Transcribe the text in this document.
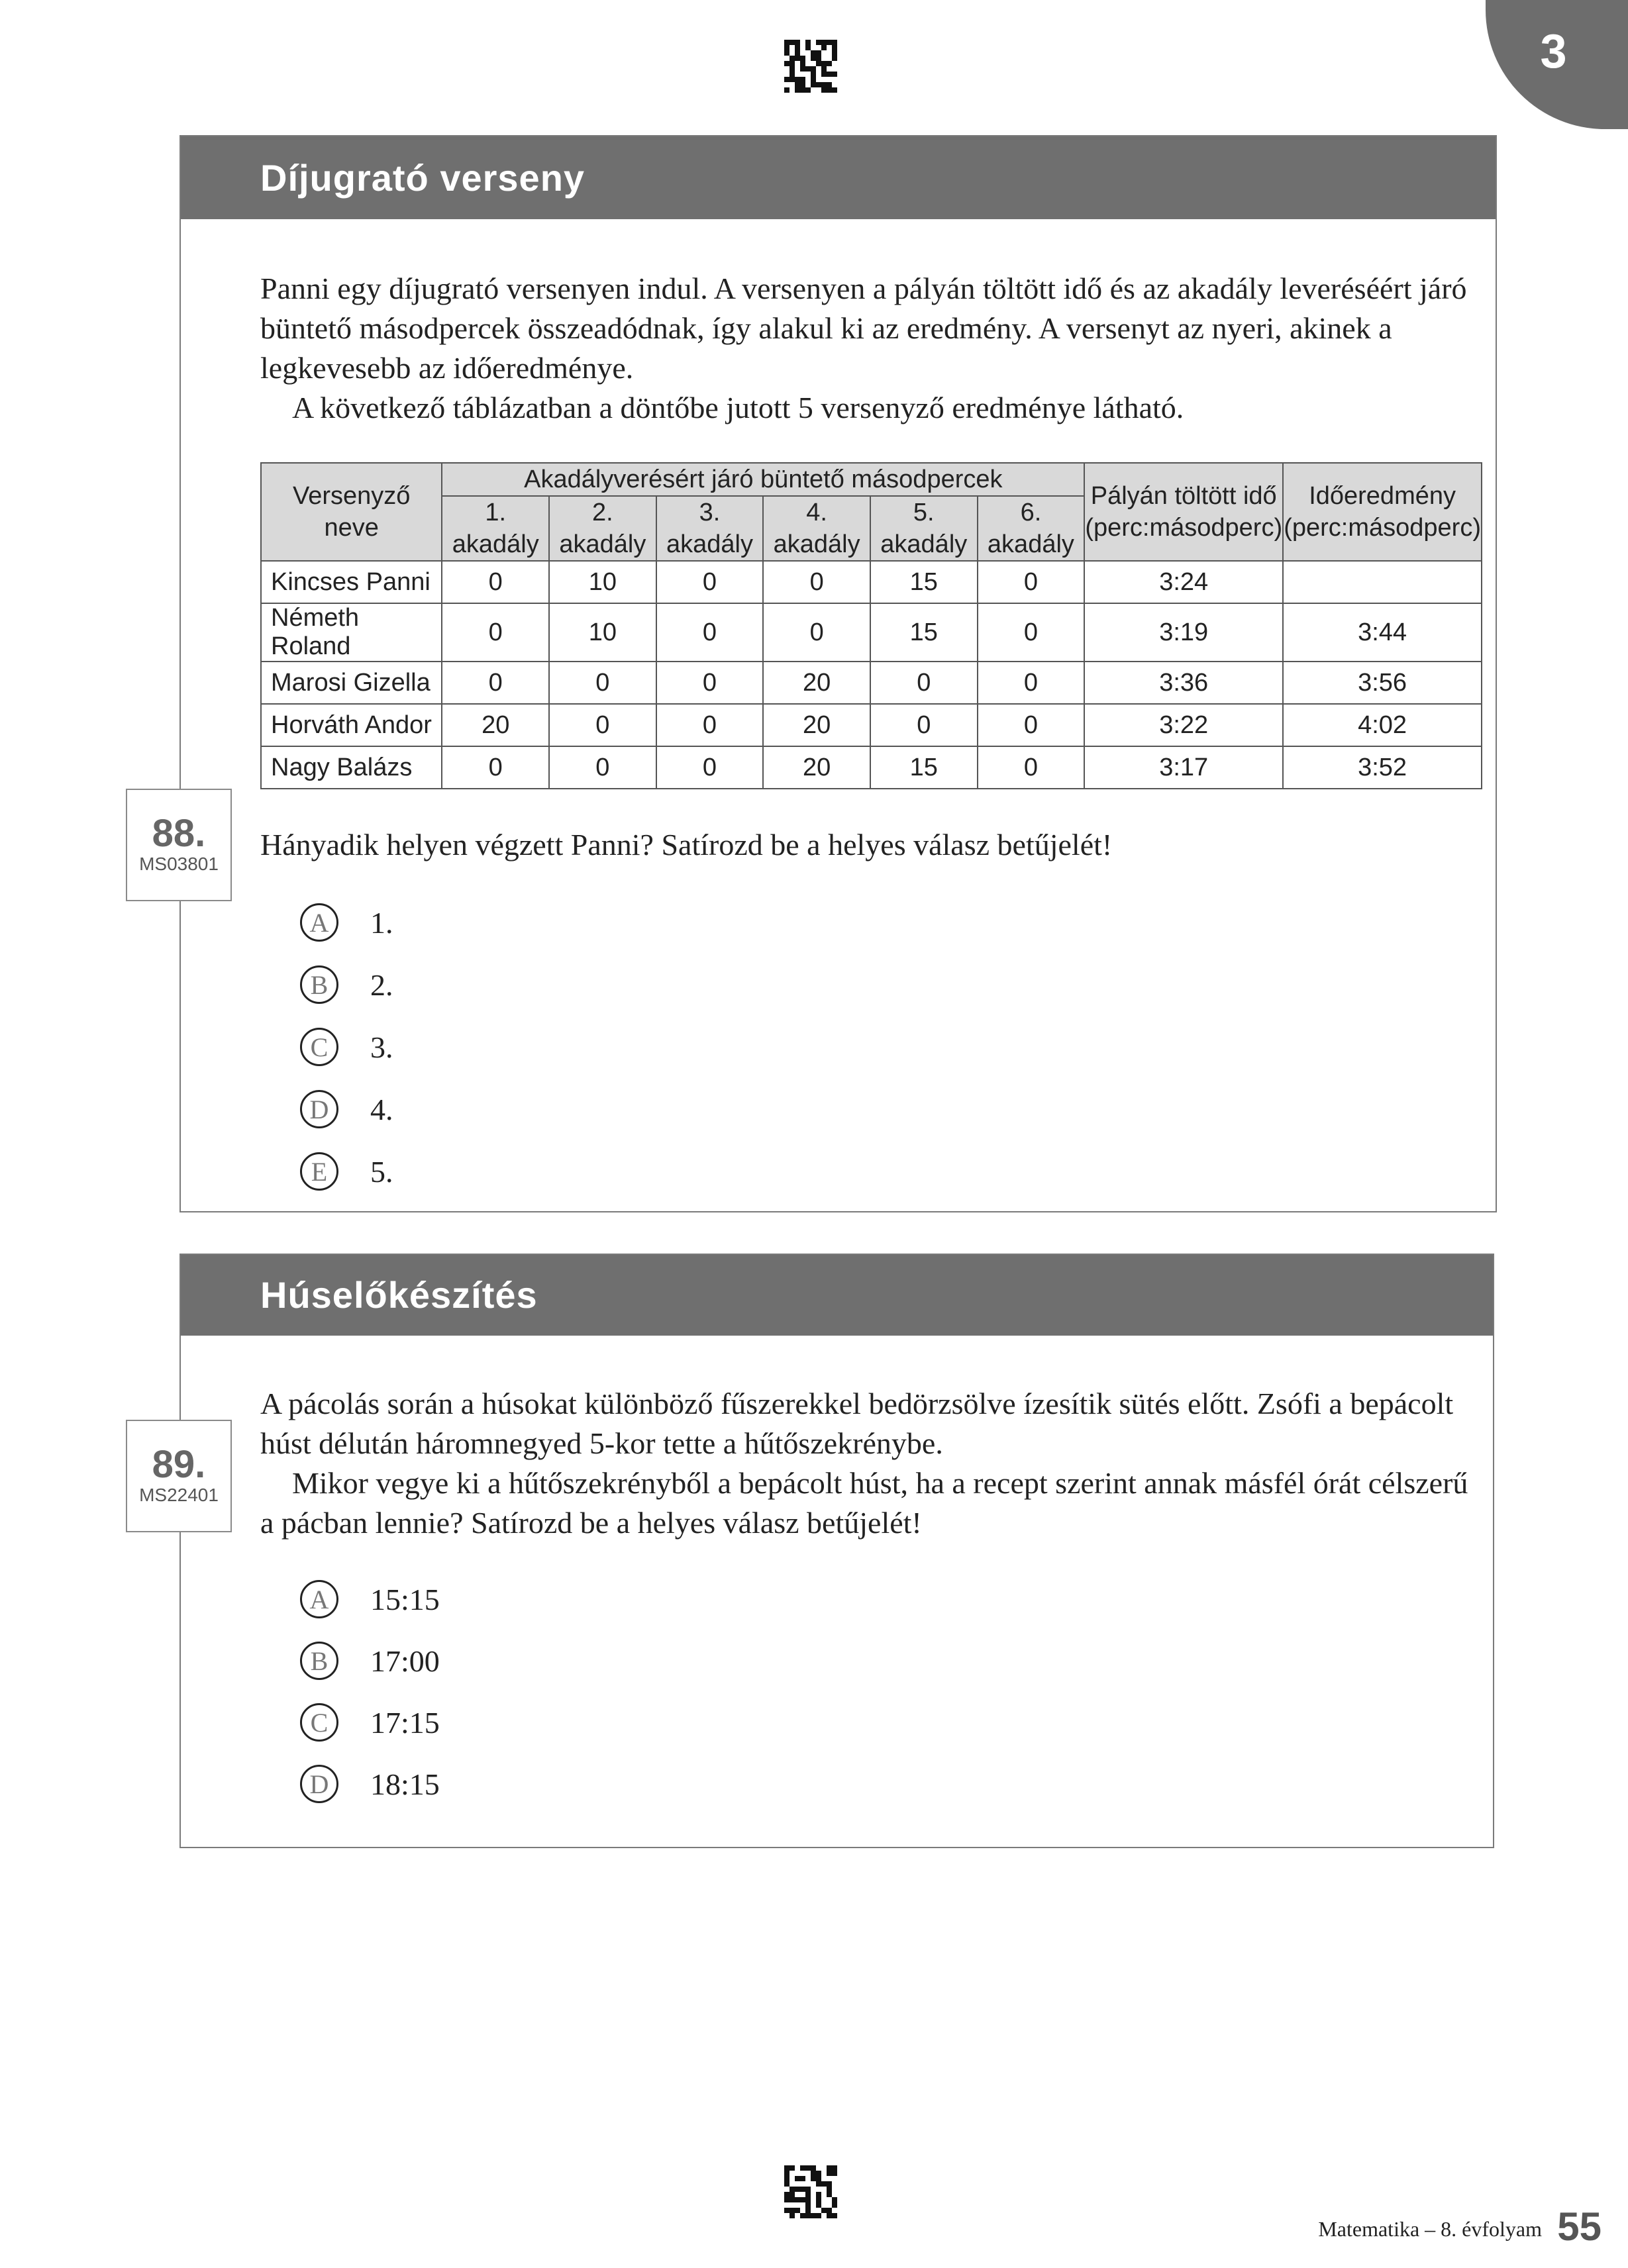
3
Díjugrató verseny

Panni egy díjugrató versenyen indul. A versenyen a pályán töltött idő és az akadály leveréséért járó büntető másodpercek összeadódnak, így alakul ki az eredmény. A versenyt az nyeri, akinek a legkevesebb az időeredménye.

A következő táblázatban a döntőbe jutott 5 versenyző eredménye látható.

Versenyző neve	Akadályverésért járó büntető másodpercek						Pályán töltött idő (perc:másodperc)	Időeredmény (perc:másodperc)
	1. akadály	2. akadály	3. akadály	4. akadály	5. akadály	6. akadály		
Kincses Panni	0	10	0	0	15	0	3:24	
Németh Roland	0	10	0	0	15	0	3:19	3:44
Marosi Gizella	0	0	0	20	0	0	3:36	3:56
Horváth Andor	20	0	0	20	0	0	3:22	4:02
Nagy Balázs	0	0	0	20	15	0	3:17	3:52

Hányadik helyen végzett Panni? Satírozd be a helyes válasz betűjelét!

A	1.
B	2.
C	3.
D	4.
E	5.
88.
MS03801
Húselőkészítés

A pácolás során a húsokat különböző fűszerekkel bedörzsölve ízesítik sütés előtt. Zsófi a bepácolt húst délután háromnegyed 5-kor tette a hűtőszekrénybe.

Mikor vegye ki a hűtőszekrényből a bepácolt húst, ha a recept szerint annak másfél órát célszerű a pácban lennie? Satírozd be a helyes válasz betűjelét!

A	15:15
B	17:00
C	17:15
D	18:15
89.
MS22401
Matematika – 8. évfolyam 55
